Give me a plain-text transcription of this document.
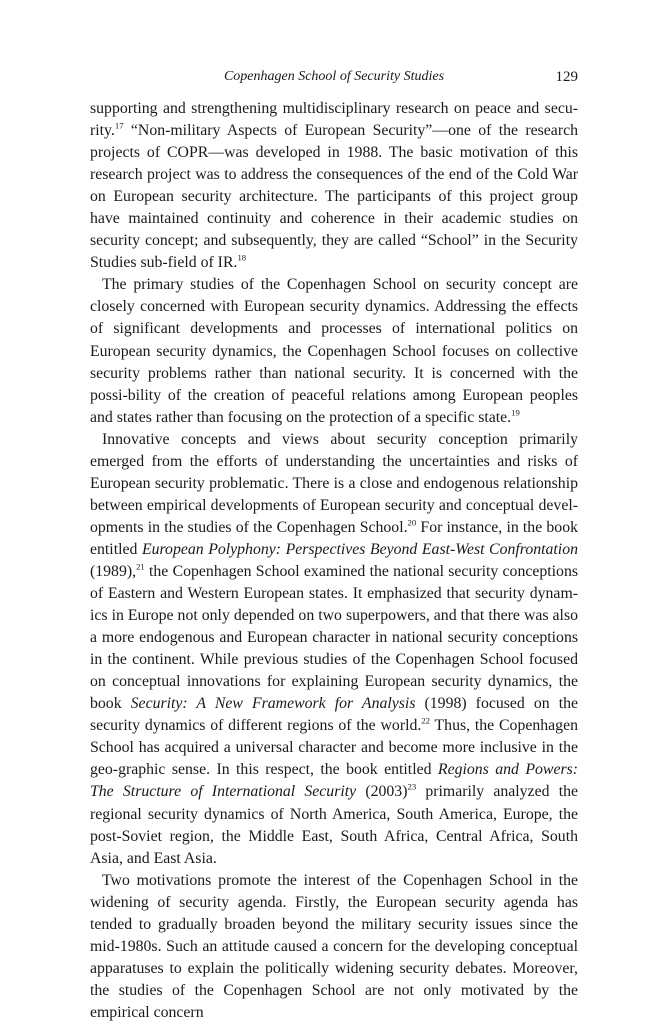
Copenhagen School of Security Studies	129

supporting and strengthening multidisciplinary research on peace and secu-rity.$^{17}$ “Non-military Aspects of European Security”—one of the research projects of COPR—was developed in 1988. The basic motivation of this research project was to address the consequences of the end of the Cold War on European security architecture. The participants of this project group have maintained continuity and coherence in their academic studies on security concept; and subsequently, they are called “School” in the Security Studies sub-field of IR.$^{18}$

The primary studies of the Copenhagen School on security concept are closely concerned with European security dynamics. Addressing the effects of significant developments and processes of international politics on European security dynamics, the Copenhagen School focuses on collective security problems rather than national security. It is concerned with the possi-bility of the creation of peaceful relations among European peoples and states rather than focusing on the protection of a specific state.$^{19}$

Innovative concepts and views about security conception primarily emerged from the efforts of understanding the uncertainties and risks of European security problematic. There is a close and endogenous relationship between empirical developments of European security and conceptual devel-opments in the studies of the Copenhagen School.$^{20}$ For instance, in the book entitled European Polyphony: Perspectives Beyond East-West Confrontation (1989),$^{21}$ the Copenhagen School examined the national security conceptions of Eastern and Western European states. It emphasized that security dynam-ics in Europe not only depended on two superpowers, and that there was also a more endogenous and European character in national security conceptions in the continent. While previous studies of the Copenhagen School focused on conceptual innovations for explaining European security dynamics, the book Security: A New Framework for Analysis (1998) focused on the security dynamics of different regions of the world.$^{22}$ Thus, the Copenhagen School has acquired a universal character and become more inclusive in the geo-graphic sense. In this respect, the book entitled Regions and Powers: The Structure of International Security $(2003)^{23}$ primarily analyzed the regional security dynamics of North America, South America, Europe, the post-Soviet region, the Middle East, South Africa, Central Africa, South Asia, and East Asia.

Two motivations promote the interest of the Copenhagen School in the widening of security agenda. Firstly, the European security agenda has tended to gradually broaden beyond the military security issues since the mid-1980s. Such an attitude caused a concern for the developing conceptual apparatuses to explain the politically widening security debates. Moreover, the studies of the Copenhagen School are not only motivated by the empirical concern
